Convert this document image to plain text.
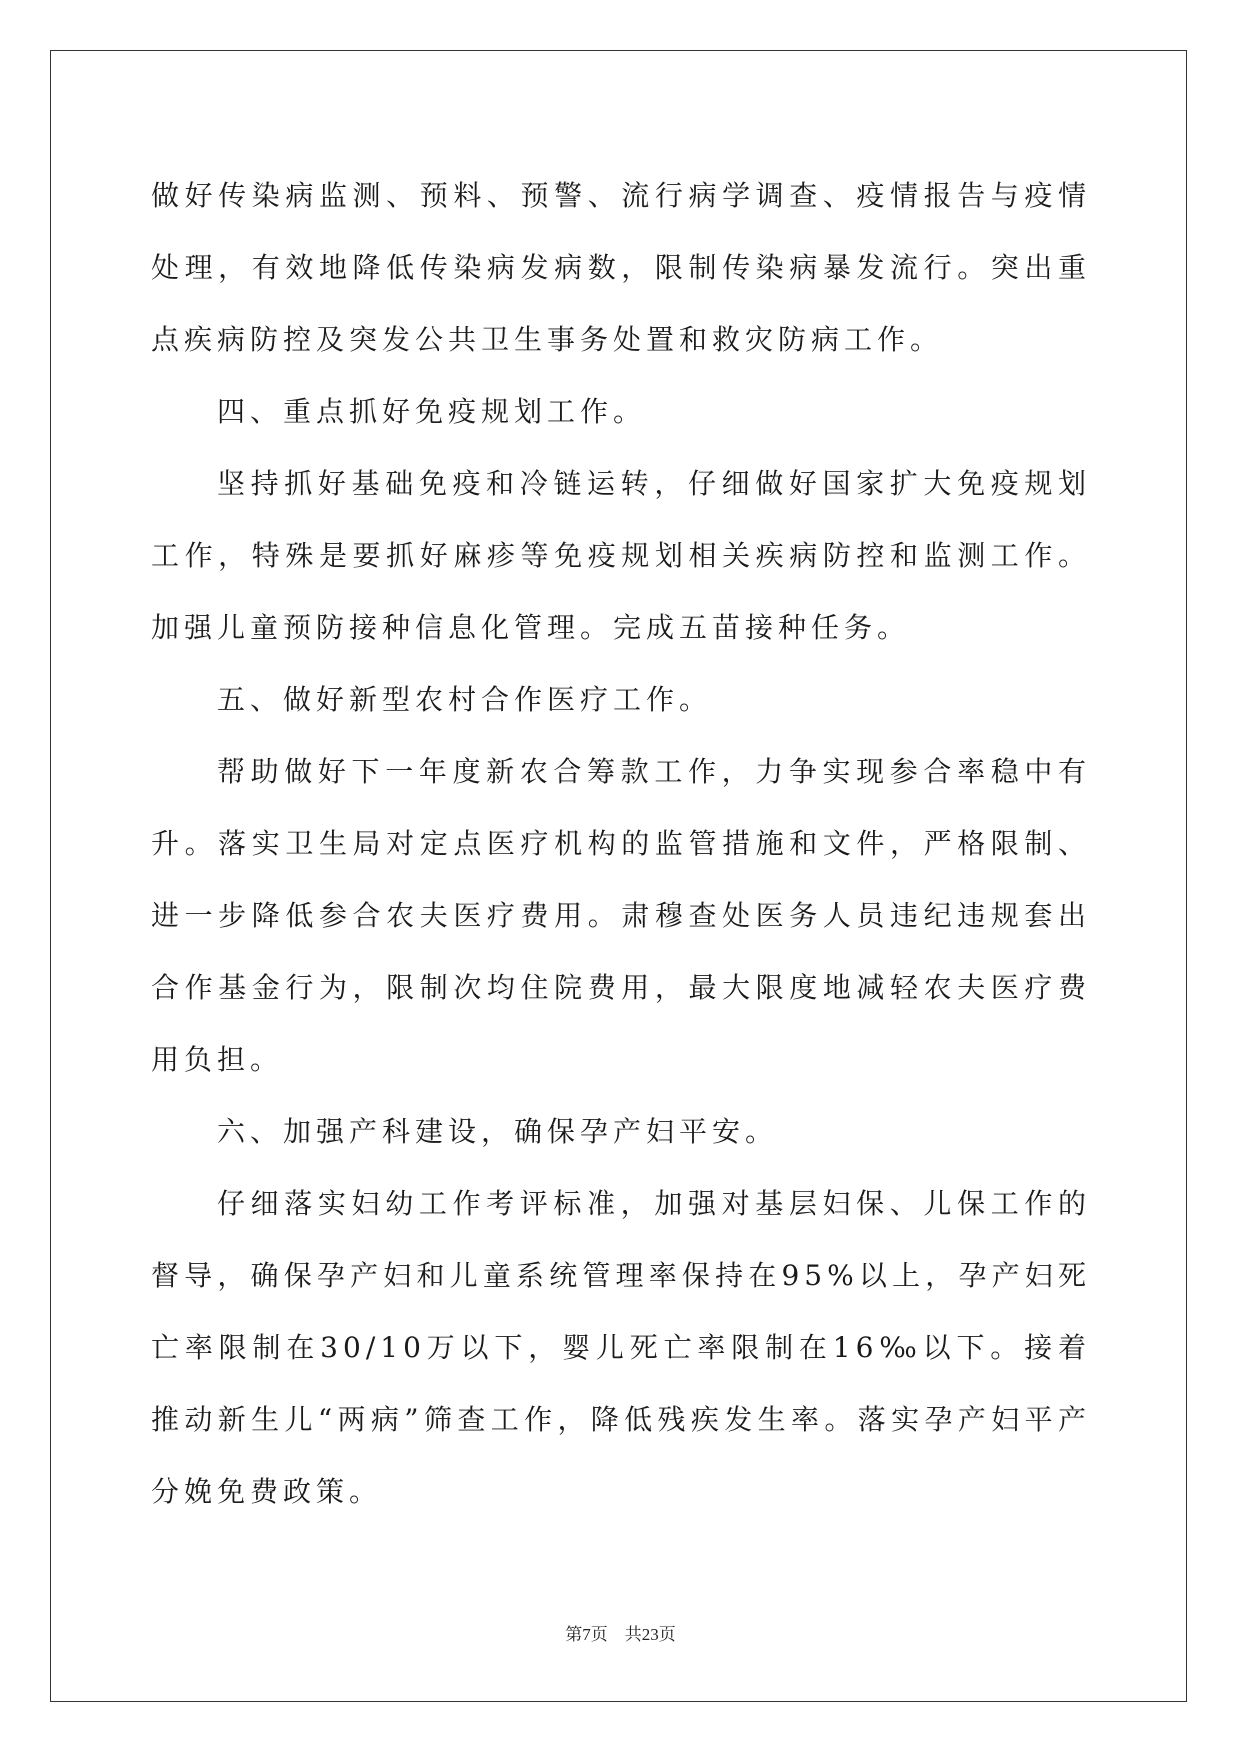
做好传染病监测、预料、预警、流行病学调查、疫情报告与疫情处理，有效地降低传染病发病数，限制传染病暴发流行。突出重点疾病防控及突发公共卫生事务处置和救灾防病工作。

四、重点抓好免疫规划工作。

坚持抓好基础免疫和冷链运转，仔细做好国家扩大免疫规划工作，特殊是要抓好麻疹等免疫规划相关疾病防控和监测工作。加强儿童预防接种信息化管理。完成五苗接种任务。

五、做好新型农村合作医疗工作。

帮助做好下一年度新农合筹款工作，力争实现参合率稳中有升。落实卫生局对定点医疗机构的监管措施和文件，严格限制、进一步降低参合农夫医疗费用。肃穆查处医务人员违纪违规套出合作基金行为，限制次均住院费用，最大限度地减轻农夫医疗费用负担。

六、加强产科建设，确保孕产妇平安。

仔细落实妇幼工作考评标准，加强对基层妇保、儿保工作的督导，确保孕产妇和儿童系统管理率保持在95%以上，孕产妇死亡率限制在30/10万以下，婴儿死亡率限制在16‰以下。接着推动新生儿“两病”筛查工作，降低残疾发生率。落实孕产妇平产分娩免费政策。

第7页    共23页
